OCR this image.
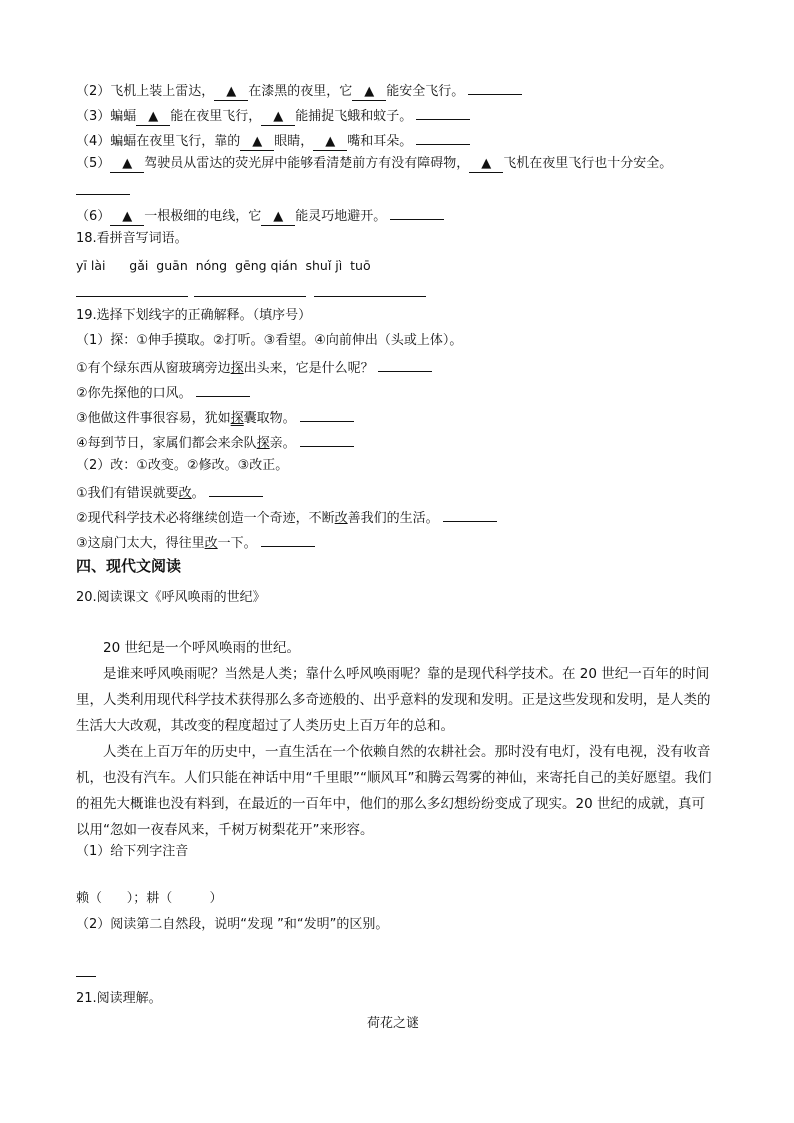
（2）飞机上装上雷达， ▲ 在漆黑的夜里，它 ▲ 能安全飞行。
（3）蝙蝠 ▲ 能在夜里飞行， ▲ 能捕捉飞蛾和蚊子。
（4）蝙蝠在夜里飞行，靠的 ▲ 眼睛， ▲ 嘴和耳朵。
（5） ▲ 驾驶员从雷达的荧光屏中能够看清楚前方有没有障碍物， ▲ 飞机在夜里飞行也十分安全。
（6） ▲ 一根极细的电线，它 ▲ 能灵巧地避开。
18.看拼音写词语。
yī lài      gǎi  guān  nóng  gēng qián  shuǐ jì  tuō

19.选择下划线字的正确解释。（填序号）
（1）探：①伸手摸取。②打听。③看望。④向前伸出（头或上体）。
①有个绿东西从窗玻璃旁边探出头来，它是什么呢？
②你先探他的口风。
③他做这件事很容易，犹如探囊取物。
④每到节日，家属们都会来余队探亲。
（2）改：①改变。②修改。③改正。
①我们有错误就要改。
②现代科学技术必将继续创造一个奇迹，不断改善我们的生活。
③这扇门太大，得往里改一下。
四、现代文阅读
20.阅读课文《呼风唤雨的世纪》
20 世纪是一个呼风唤雨的世纪。
是谁来呼风唤雨呢？当然是人类；靠什么呼风唤雨呢？靠的是现代科学技术。在 20 世纪一百年的时间里，人类利用现代科学技术获得那么多奇迹般的、出乎意料的发现和发明。正是这些发现和发明，是人类的生活大大改观，其改变的程度超过了人类历史上百万年的总和。
人类在上百万年的历史中，一直生活在一个依赖自然的农耕社会。那时没有电灯，没有电视，没有收音机，也没有汽车。人们只能在神话中用“千里眼”“顺风耳”和腾云驾雾的神仙，来寄托自己的美好愿望。我们的祖先大概谁也没有料到，在最近的一百年中，他们的那么多幻想纷纷变成了现实。20 世纪的成就，真可以用“忽如一夜春风来，千树万树梨花开”来形容。
（1）给下列字注音
赖（      ）；耕（         ）
（2）阅读第二自然段，说明“发现 ”和“发明”的区别。
21.阅读理解。
荷花之谜
